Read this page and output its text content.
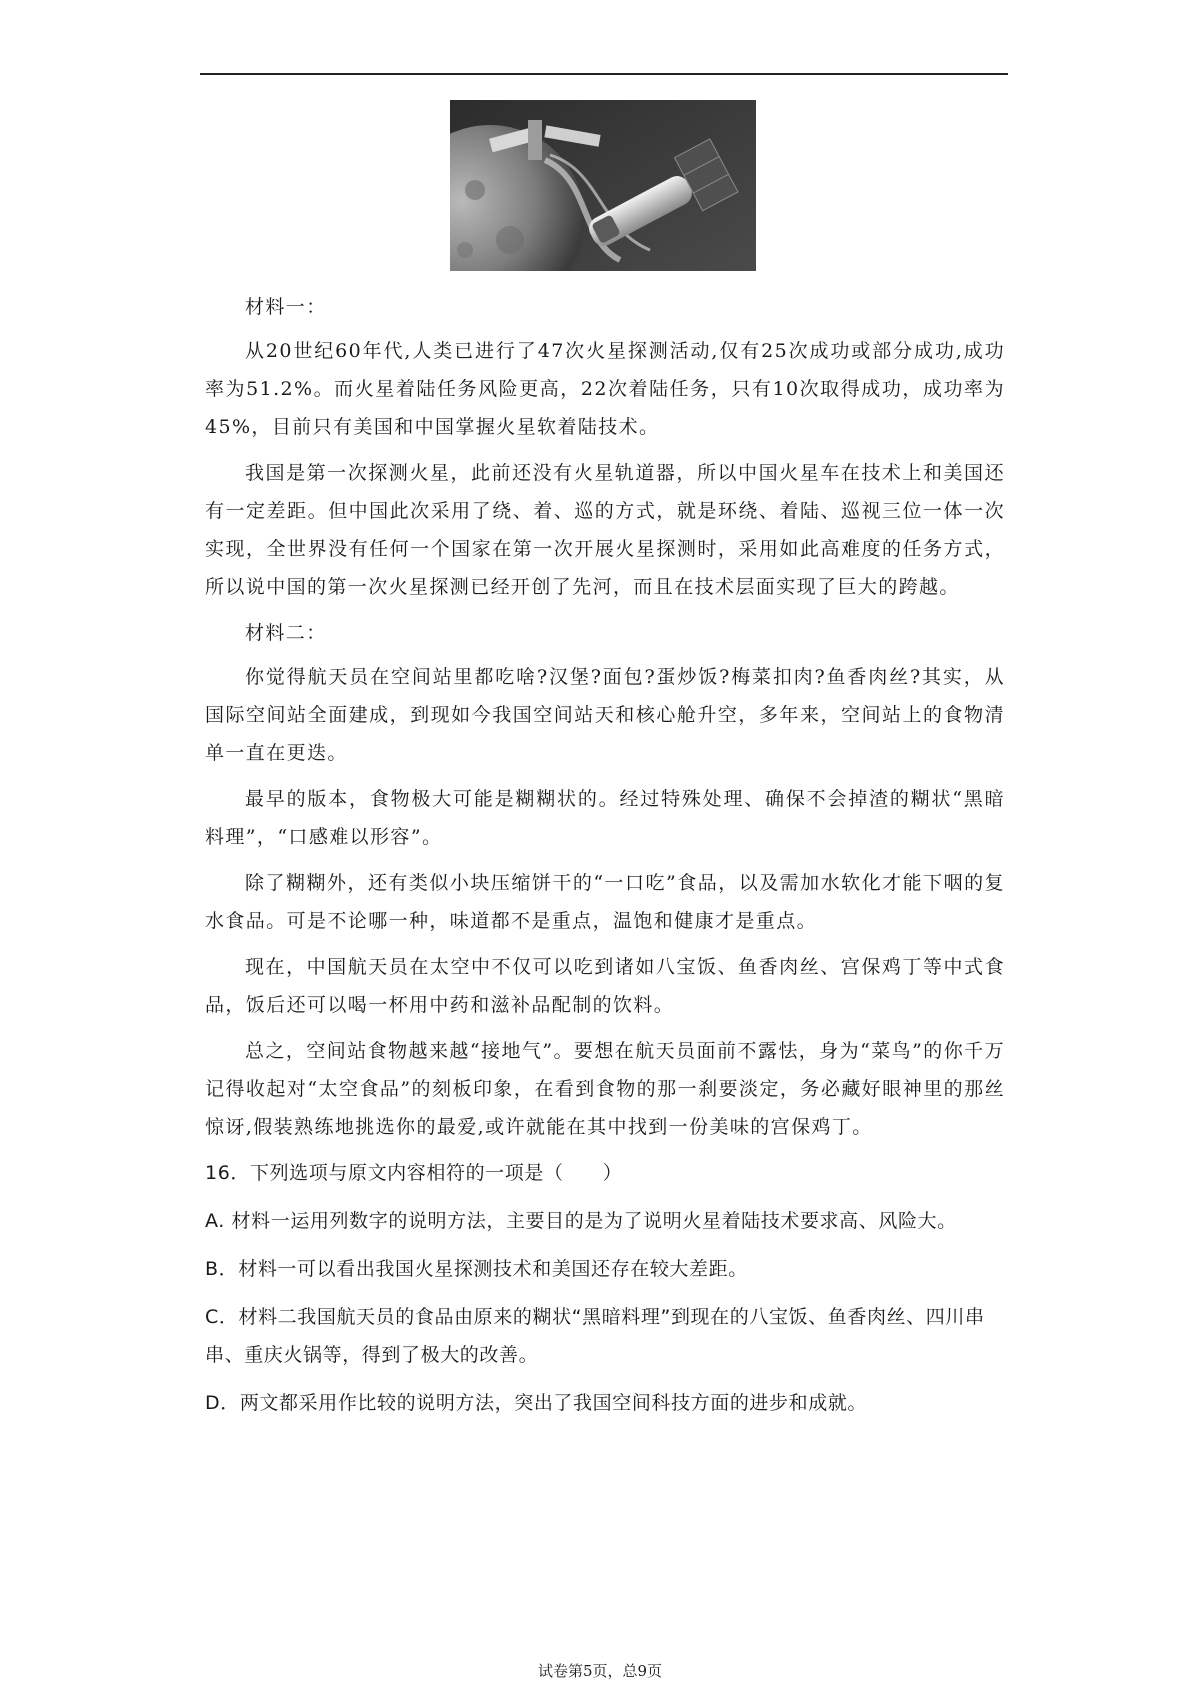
材料一：

从20世纪60年代,人类已进行了47次火星探测活动,仅有25次成功或部分成功,成功率为51.2%。而火星着陆任务风险更高，22次着陆任务，只有10次取得成功，成功率为45%，目前只有美国和中国掌握火星软着陆技术。

我国是第一次探测火星，此前还没有火星轨道器，所以中国火星车在技术上和美国还有一定差距。但中国此次采用了绕、着、巡的方式，就是环绕、着陆、巡视三位一体一次实现，全世界没有任何一个国家在第一次开展火星探测时，采用如此高难度的任务方式，所以说中国的第一次火星探测已经开创了先河，而且在技术层面实现了巨大的跨越。

材料二：

你觉得航天员在空间站里都吃啥?汉堡?面包?蛋炒饭?梅菜扣肉?鱼香肉丝?其实，从国际空间站全面建成，到现如今我国空间站天和核心舱升空，多年来，空间站上的食物清单一直在更迭。

最早的版本，食物极大可能是糊糊状的。经过特殊处理、确保不会掉渣的糊状“黑暗料理”，“口感难以形容”。

除了糊糊外，还有类似小块压缩饼干的“一口吃”食品，以及需加水软化才能下咽的复水食品。可是不论哪一种，味道都不是重点，温饱和健康才是重点。

现在，中国航天员在太空中不仅可以吃到诸如八宝饭、鱼香肉丝、宫保鸡丁等中式食品，饭后还可以喝一杯用中药和滋补品配制的饮料。

总之，空间站食物越来越“接地气”。要想在航天员面前不露怯，身为“菜鸟”的你千万记得收起对“太空食品”的刻板印象，在看到食物的那一刹要淡定，务必藏好眼神里的那丝惊讶,假装熟练地挑选你的最爱,或许就能在其中找到一份美味的宫保鸡丁。

16．下列选项与原文内容相符的一项是（　　）

A. 材料一运用列数字的说明方法，主要目的是为了说明火星着陆技术要求高、风险大。

B．材料一可以看出我国火星探测技术和美国还存在较大差距。

C．材料二我国航天员的食品由原来的糊状“黑暗料理”到现在的八宝饭、鱼香肉丝、四川串串、重庆火锅等，得到了极大的改善。

D．两文都采用作比较的说明方法，突出了我国空间科技方面的进步和成就。

试卷第5页，总9页
